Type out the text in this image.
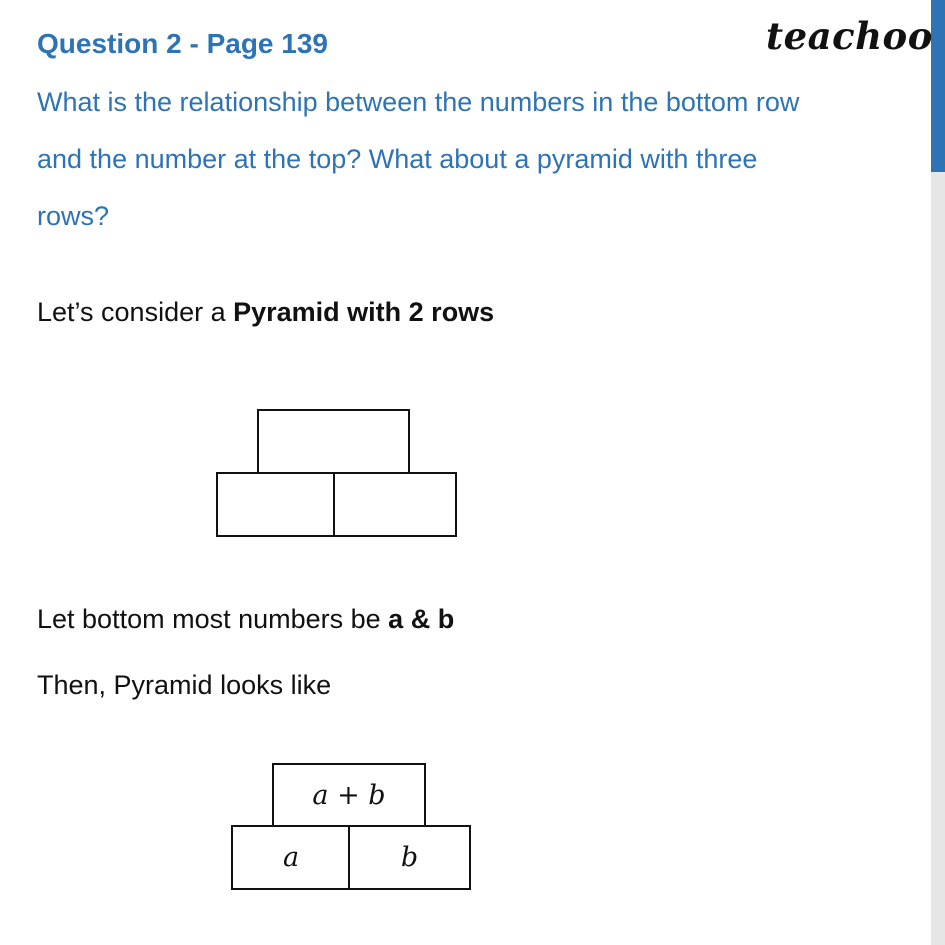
Question 2 - Page 139	teachoo
What is the relationship between the numbers in the bottom row
and the number at the top? What about a pyramid with three
rows?
Let’s consider a Pyramid with 2 rows
Let bottom most numbers be a & b
Then, Pyramid looks like
a + b
a	b
